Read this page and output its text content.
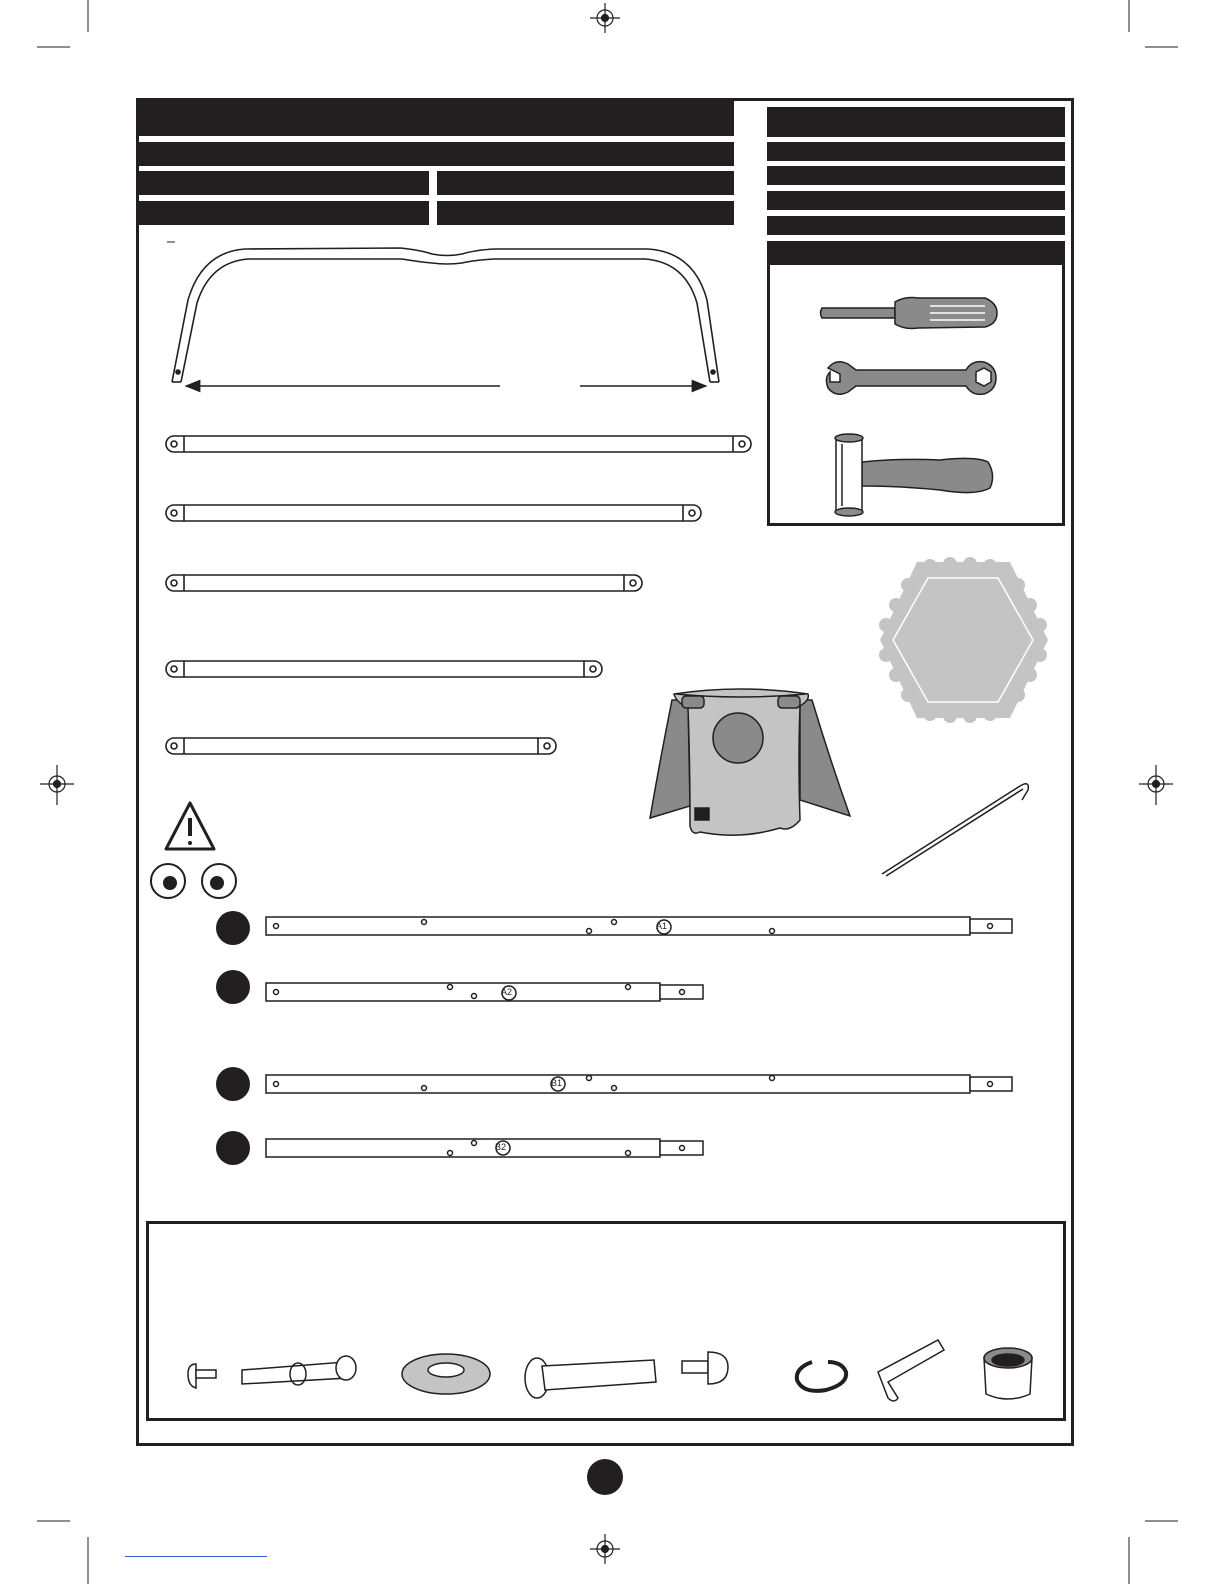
A1
A2
B1
B2
